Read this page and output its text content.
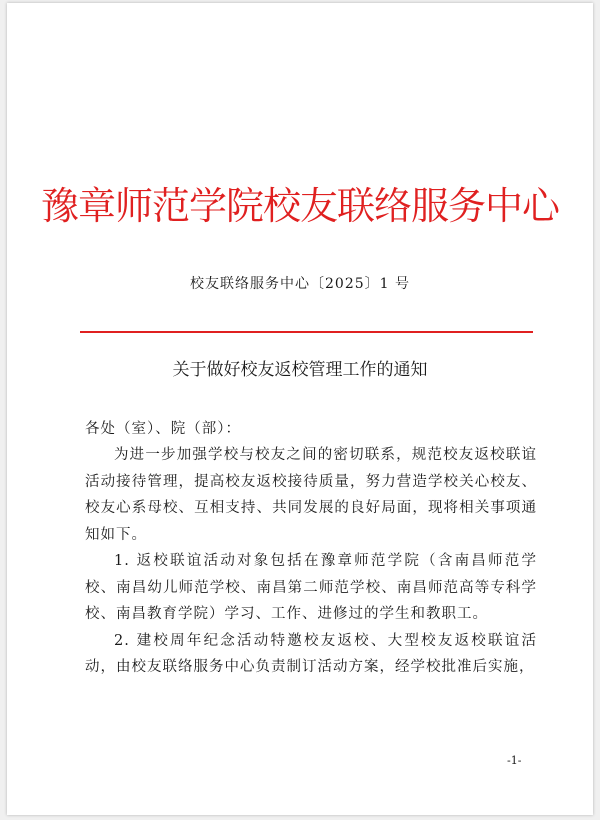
豫章师范学院校友联络服务中心
校友联络服务中心〔2025〕1 号
关于做好校友返校管理工作的通知
各处（室）、院（部）：

为进一步加强学校与校友之间的密切联系，规范校友返校联谊活动接待管理，提高校友返校接待质量，努力营造学校关心校友、校友心系母校、互相支持、共同发展的良好局面，现将相关事项通知如下。

1. 返校联谊活动对象包括在豫章师范学院（含南昌师范学校、南昌幼儿师范学校、南昌第二师范学校、南昌师范高等专科学校、南昌教育学院）学习、工作、进修过的学生和教职工。

2. 建校周年纪念活动特邀校友返校、大型校友返校联谊活动，由校友联络服务中心负责制订活动方案，经学校批准后实施，

-1-
